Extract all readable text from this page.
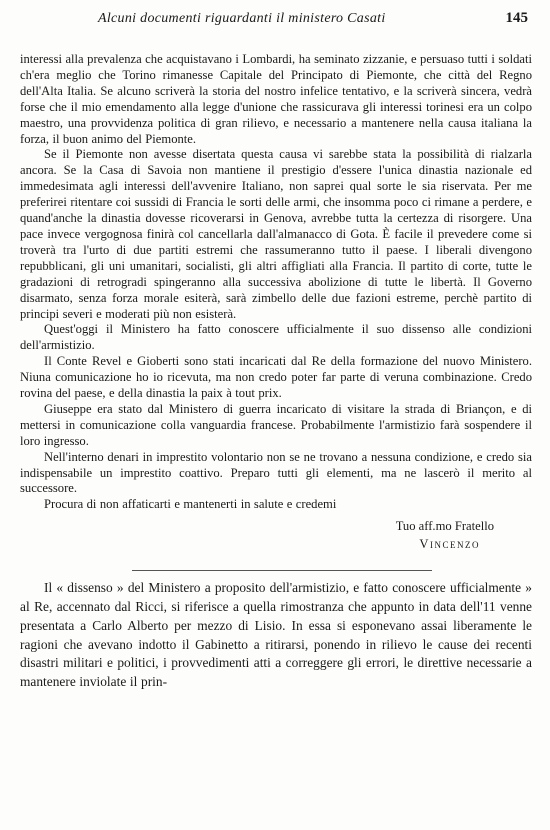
Alcuni documenti riguardanti il ministero Casati	145

interessi alla prevalenza che acquistavano i Lombardi, ha seminato zizzanie, e persuaso tutti i soldati ch'era meglio che Torino rimanesse Capitale del Principato di Piemonte, che città del Regno dell'Alta Italia. Se alcuno scriverà la storia del nostro infelice tentativo, e la scriverà sincera, vedrà forse che il mio emendamento alla legge d'unione che rassicurava gli interessi torinesi era un colpo maestro, una provvidenza politica di gran rilievo, e necessario a mantenere nella causa italiana la forza, il buon animo del Piemonte.

Se il Piemonte non avesse disertata questa causa vi sarebbe stata la possibilità di rialzarla ancora. Se la Casa di Savoia non mantiene il prestigio d'essere l'unica dinastia nazionale ed immedesimata agli interessi dell'avvenire Italiano, non saprei qual sorte le sia riservata. Per me preferirei ritentare coi sussidi di Francia le sorti delle armi, che insomma poco ci rimane a perdere, e quand'anche la dinastia dovesse ricoverarsi in Genova, avrebbe tutta la certezza di risorgere. Una pace invece vergognosa finirà col cancellarla dall'almanacco di Gota. È facile il prevedere come si troverà tra l'urto di due partiti estremi che rassumeranno tutto il paese. I liberali divengono repubblicani, gli uni umanitari, socialisti, gli altri affigliati alla Francia. Il partito di corte, tutte le gradazioni di retrogradi spingeranno alla successiva abolizione di tutte le libertà. Il Governo disarmato, senza forza morale esiterà, sarà zimbello delle due fazioni estreme, perchè partito di principi severi e moderati più non esisterà.

Quest'oggi il Ministero ha fatto conoscere ufficialmente il suo dissenso alle condizioni dell'armistizio.

Il Conte Revel e Gioberti sono stati incaricati dal Re della formazione del nuovo Ministero. Niuna comunicazione ho io ricevuta, ma non credo poter far parte di veruna combinazione. Credo rovina del paese, e della dinastia la paix à tout prix.

Giuseppe era stato dal Ministero di guerra incaricato di visitare la strada di Briançon, e di mettersi in comunicazione colla vanguardia francese. Probabilmente l'armistizio farà sospendere il loro ingresso.

Nell'interno denari in imprestito volontario non se ne trovano a nessuna condizione, e credo sia indispensabile un imprestito coattivo. Preparo tutti gli elementi, ma ne lascerò il merito al successore.

Procura di non affaticarti e mantenerti in salute e credemi

Tuo aff.mo Fratello
Vincenzo

Il « dissenso » del Ministero a proposito dell'armistizio, e fatto conoscere ufficialmente » al Re, accennato dal Ricci, si riferisce a quella rimostranza che appunto in data dell'11 venne presentata a Carlo Alberto per mezzo di Lisio. In essa si esponevano assai liberamente le ragioni che avevano indotto il Gabinetto a ritirarsi, ponendo in rilievo le cause dei recenti disastri militari e politici, i provvedimenti atti a correggere gli errori, le direttive necessarie a mantenere inviolate il prin-
